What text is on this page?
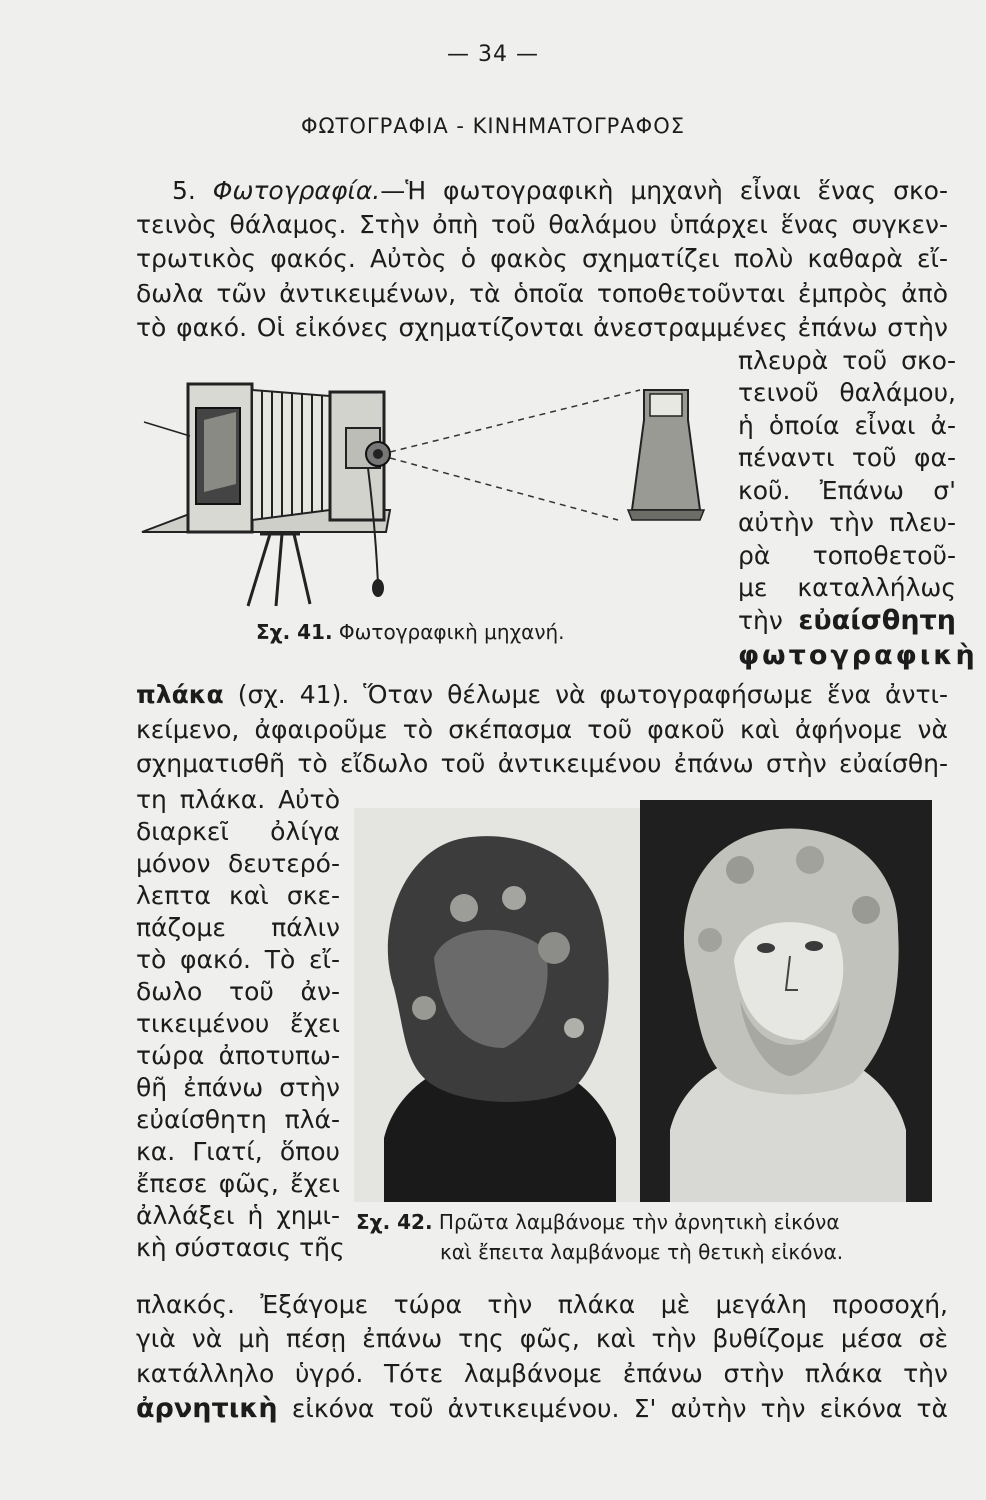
— 34 —
ΦΩΤΟΓΡΑΦΙΑ - ΚΙΝΗΜΑΤΟΓΡΑΦΟΣ
5. Φωτογραφία.—Ἡ φωτογραφικὴ μηχανὴ εἶναι ἕνας σκο-
τεινὸς θάλαμος. Στὴν ὀπὴ τοῦ θαλάμου ὑπάρχει ἕνας συγκεν-
τρωτικὸς φακός. Αὐτὸς ὁ φακὸς σχηματίζει πολὺ καθαρὰ εἴ-
δωλα τῶν ἀντικειμένων, τὰ ὁποῖα τοποθετοῦνται ἐμπρὸς ἀπὸ
τὸ φακό. Οἱ εἰκόνες σχηματίζονται ἀνεστραμμένες ἐπάνω στὴν
πλευρὰ τοῦ σκο-
τεινοῦ θαλάμου,
ἡ ὁποία εἶναι ἀ-
πέναντι τοῦ φα-
κοῦ. Ἐπάνω σ'
αὐτὴν τὴν πλευ-
ρὰ τοποθετοῦ-
με καταλλήλως
τὴν εὐαίσθητη
φωτογραφικὴ
Σχ. 41. Φωτογραφικὴ μηχανή.
πλάκα (σχ. 41). Ὅταν θέλωμε νὰ φωτογραφήσωμε ἕνα ἀντι-
κείμενο, ἀφαιροῦμε τὸ σκέπασμα τοῦ φακοῦ καὶ ἀφήνομε νὰ
σχηματισθῆ τὸ εἴδωλο τοῦ ἀντικειμένου ἐπάνω στὴν εὐαίσθη-
τη πλάκα. Αὐτὸ
διαρκεῖ ὀλίγα
μόνον δευτερό-
λεπτα καὶ σκε-
πάζομε πάλιν
τὸ φακό. Τὸ εἴ-
δωλο τοῦ ἀν-
τικειμένου ἔχει
τώρα ἀποτυπω-
θῆ ἐπάνω στὴν
εὐαίσθητη πλά-
κα. Γιατί, ὅπου
ἔπεσε φῶς, ἔχει
ἀλλάξει ἡ χημι-
κὴ σύστασις τῆς
Σχ. 42. Πρῶτα λαμβάνομε τὴν ἀρνητικὴ εἰκόνα
καὶ ἔπειτα λαμβάνομε τὴ θετικὴ εἰκόνα.
πλακός. Ἐξάγομε τώρα τὴν πλάκα μὲ μεγάλη προσοχή,
γιὰ νὰ μὴ πέσῃ ἐπάνω της φῶς, καὶ τὴν βυθίζομε μέσα σὲ
κατάλληλο ὑγρό. Τότε λαμβάνομε ἐπάνω στὴν πλάκα τὴν
ἀρνητικὴ εἰκόνα τοῦ ἀντικειμένου. Σ' αὐτὴν τὴν εἰκόνα τὰ
